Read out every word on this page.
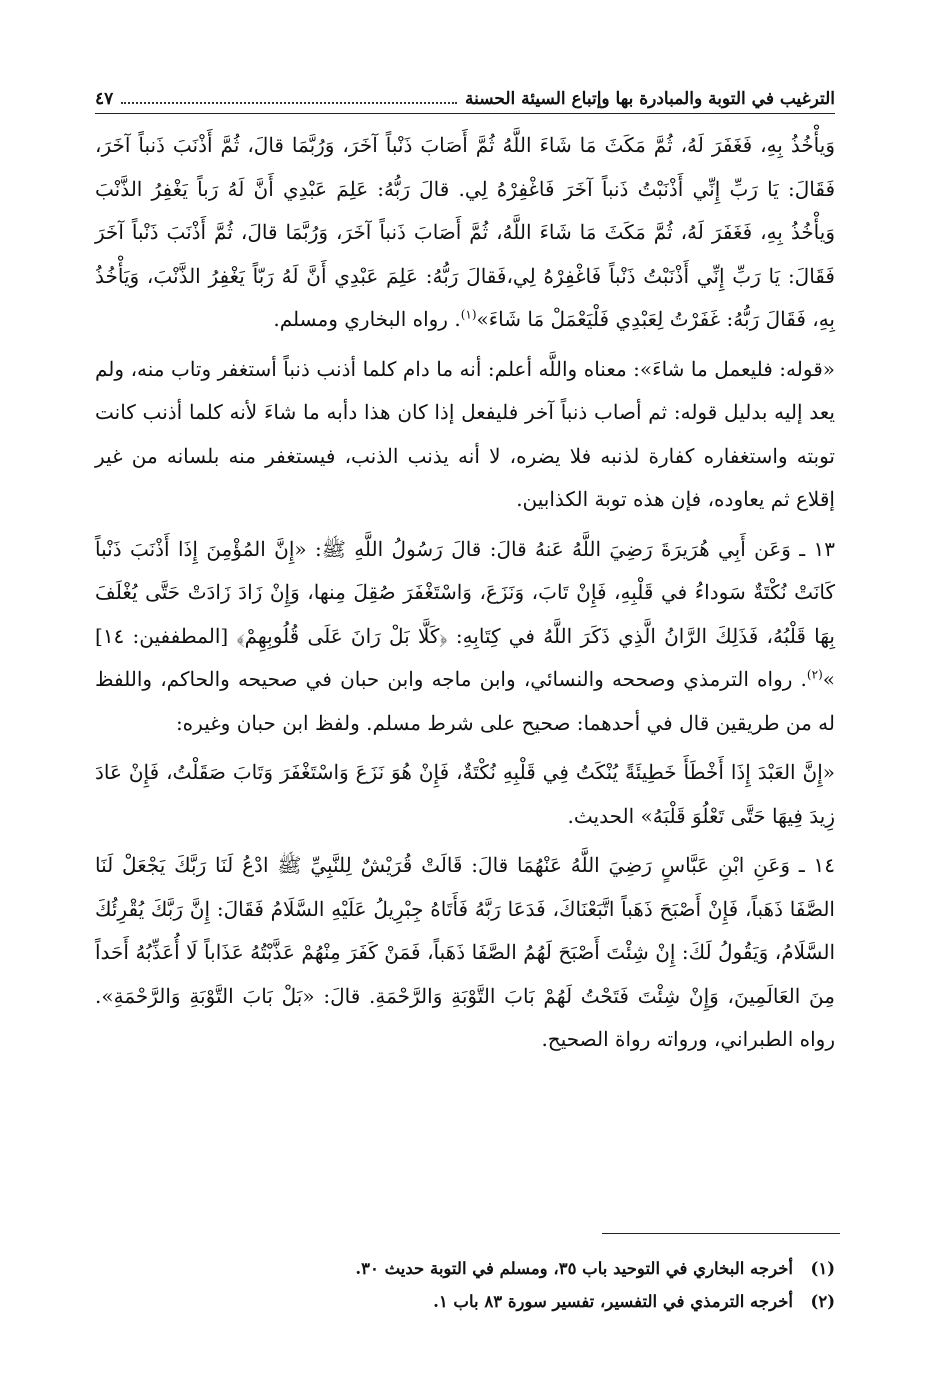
الترغيب في التوبة والمبادرة بها وإتباع السيئة الحسنة
٤٧

وَيأْخُذُ بِهِ، فَغَفَرَ لَهُ، ثُمَّ مَكَثَ مَا شَاءَ اللَّهُ ثُمَّ أَصَابَ ذَنْباً آخَرَ، وَرُبَّمَا قالَ، ثُمَّ أَذْنَبَ ذَنباً آخَرَ، فَقَالَ: يَا رَبِّ إِنِّي أَذْنَبْتُ ذَنباً آخَرَ فَاغْفِرْهُ لِي. قالَ رَبُّهُ: عَلِمَ عَبْدِي أَنَّ لَهُ رَباً يَغْفِرُ الذَّنْبَ وَيأْخُذُ بِهِ، فَغَفَرَ لَهُ، ثُمَّ مَكَثَ مَا شَاءَ اللَّهُ، ثُمَّ أَصَابَ ذَنباً آخَرَ، وَرُبَّمَا قالَ، ثُمَّ أَذْنَبَ ذَنْباً آخَرَ فَقَالَ: يَا رَبِّ إِنِّي أَذْنَبْتُ ذَنْباً فَاغْفِرْهُ لِي،فَقالَ رَبُّهُ: عَلِمَ عَبْدِي أَنَّ لَهُ رَبّاً يَغْفِرُ الذَّنْبَ، وَيَأْخُذُ بِهِ، فَقَالَ رَبُّهُ: غَفَرْتُ لِعَبْدِي فَلْيَعْمَلْ مَا شَاءَ»$^{(١)}$. رواه البخاري ومسلم.

«قوله: فليعمل ما شاءَ»: معناه واللَّه أعلم: أنه ما دام كلما أذنب ذنباً أستغفر وتاب منه، ولم يعد إليه بدليل قوله: ثم أصاب ذنباً آخر فليفعل إذا كان هذا دأبه ما شاءَ لأنه كلما أذنب كانت توبته واستغفاره كفارة لذنبه فلا يضره، لا أنه يذنب الذنب، فيستغفر منه بلسانه من غير إقلاع ثم يعاوده، فإن هذه توبة الكذابين.

١٣ ـ وَعَن أَبِي هُرَيرَةَ رَضِيَ اللَّهُ عَنهُ قالَ: قالَ رَسُولُ اللَّهِ ﷺ: «إِنَّ المُؤْمِنَ إِذَا أَذْنَبَ ذَنْباً كَانَتْ نُكْتَةٌ سَوداءُ في قَلْبِهِ، فَإِنْ تَابَ، وَنَزَعَ، وَاسْتَغْفَرَ صُقِلَ مِنها، وَإِنْ زَادَ زَادَتْ حَتَّى يُغْلَفَ بِهَا قَلْبُهُ، فَذَلِكَ الرَّانُ الَّذِي ذَكَرَ اللَّهُ في كِتَابِهِ: ﴿كَلَّا بَلْ رَانَ عَلَى قُلُوبِهِمْ﴾ [المطففين: ١٤] »$^{(٢)}$. رواه الترمذي وصححه والنسائي، وابن ماجه وابن حبان في صحيحه والحاكم، واللفظ له من طريقين قال في أحدهما: صحيح على شرط مسلم. ولفظ ابن حبان وغيره:

«إِنَّ العَبْدَ إِذَا أَخْطَأَ خَطِيئَةً يُنْكَتُ فِي قَلْبِهِ نُكْتَةٌ، فَإِنْ هُوَ نَزَعَ وَاسْتَغْفَرَ وَتَابَ صَقَلْتُ، فَإِنْ عَادَ زِيدَ فِيهَا حَتَّى تَعْلُوَ قَلْبَهُ» الحديث.

١٤ ـ وَعَنِ ابْنِ عَبَّاسٍ رَضِيَ اللَّهُ عَنْهُمَا قالَ: قَالَتْ قُرَيْشٌ لِلنَّبِيِّ ﷺ ادْعُ لَنَا رَبَّكَ يَجْعَلْ لَنَا الصَّفَا ذَهَباً، فَإِنْ أَصْبَحَ ذَهَباً اتَّبَعْنَاكَ، فَدَعَا رَبَّهُ فَأَتَاهُ جِبْرِيلُ عَلَيْهِ السَّلَامُ فَقَالَ: إِنَّ رَبَّكَ يُقْرِئُكَ السَّلَامُ، وَيَقُولُ لَكَ: إِنْ شِئْتَ أَصْبَحَ لَهُمُ الصَّفَا ذَهَباً، فَمَنْ كَفَرَ مِنْهُمْ عَذَّبْتُهُ عَذَاباً لَا أُعَذِّبُهُ أَحَداً مِنَ العَالَمِينَ، وَإِنْ شِئْتَ فَتَحْتُ لَهُمْ بَابَ التَّوْبَةِ وَالرَّحْمَةِ. قالَ: «بَلْ بَابَ التَّوْبَةِ وَالرَّحْمَةِ». رواه الطبراني، ورواته رواة الصحيح.

(١)
أخرجه البخاري في التوحيد باب ٣٥، ومسلم في التوبة حديث ٣٠.
(٢)
أخرجه الترمذي في التفسير، تفسير سورة ٨٣ باب ١.
